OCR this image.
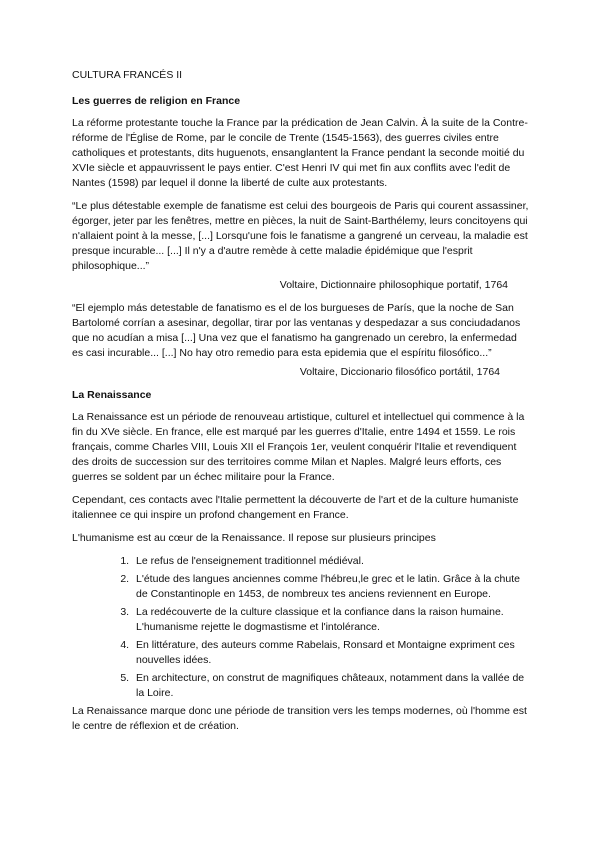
CULTURA FRANCÉS II
Les guerres de religion en France

La réforme protestante touche la France par la prédication de Jean Calvin. À la suite de la Contre-réforme de l'Église de Rome, par le concile de Trente (1545-1563), des guerres civiles entre catholiques et protestants, dits huguenots, ensanglantent la France pendant la seconde moitié du XVIe siècle et appauvrissent le pays entier. C'est Henri IV qui met fin aux conflits avec l'edit de Nantes (1598) par lequel il donne la liberté de culte aux protestants.

“Le plus détestable exemple de fanatisme est celui des bourgeois de Paris qui courent assassiner, égorger, jeter par les fenêtres, mettre en pièces, la nuit de Saint-Barthélemy, leurs concitoyens qui n'allaient point à la messe, [...] Lorsqu'une fois le fanatisme a gangrené un cerveau, la maladie est presque incurable... [...] Il n'y a d'autre remède à cette maladie épidémique que l'esprit philosophique...”

Voltaire, Dictionnaire philosophique portatif, 1764

“El ejemplo más detestable de fanatismo es el de los burgueses de París, que la noche de San Bartolomé corrían a asesinar, degollar, tirar por las ventanas y despedazar a sus conciudadanos que no acudían a misa [...] Una vez que el fanatismo ha gangrenado un cerebro, la enfermedad es casi incurable... [...] No hay otro remedio para esta epidemia que el espíritu filosófico...”

Voltaire, Diccionario filosófico portátil, 1764

La Renaissance

La Renaissance est un période de renouveau artistique, culturel et intellectuel qui commence à la fin du XVe siècle. En france, elle est marqué par les guerres d'Italie, entre 1494 et 1559. Le rois français, comme Charles VIII, Louis XII el François 1er, veulent conquérir l'Italie et revendiquent des droits de succession sur des territoires comme Milan et Naples. Malgré leurs efforts, ces guerres se soldent par un échec militaire pour la France.

Cependant, ces contacts avec l'Italie permettent la découverte de l'art et de la culture humaniste italiennee ce qui inspire un profond changement en France.

L'humanisme est au cœur de la Renaissance. Il repose sur plusieurs principes

1. Le refus de l'enseignement traditionnel médiéval.
2. L'étude des langues anciennes comme l'hébreu,le grec et le latin. Grâce à la chute de Constantinople en 1453, de nombreux tes anciens reviennent en Europe.
3. La redécouverte de la culture classique et la confiance dans la raison humaine. L'humanisme rejette le dogmastisme et l'intolérance.
4. En littérature, des auteurs comme Rabelais, Ronsard et Montaigne expriment ces nouvelles idées.
5. En architecture, on construt de magnifiques châteaux, notamment dans la vallée de la Loire.

La Renaissance marque donc une période de transition vers les temps modernes, où l'homme est le centre de réflexion et de création.
